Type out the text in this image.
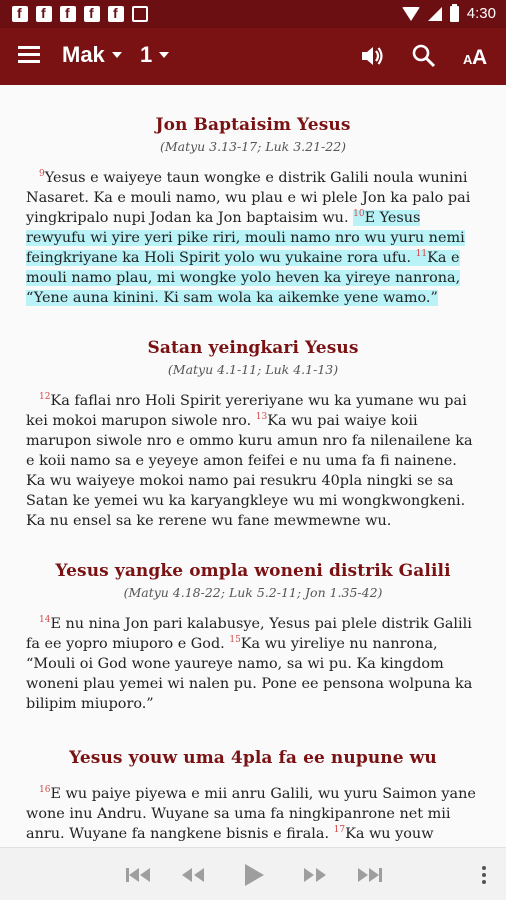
f
f
f
f
f
4:30
Mak 1	A A
Jon Baptaisim Yesus
(Matyu 3.13-17; Luk 3.21-22)

$^9$Yesus e waiyeye taun wongke e distrik Galili noula wunini Nasaret. Ka e mouli namo, wu plau e wi plele Jon ka palo pai yingkripalo nupi Jodan ka Jon baptaisim wu. $^{10}$E Yesus rewyufu wi yire yeri pike riri, mouli namo nro wu yuru nemi feingkriyane ka Holi Spirit yolo wu yukaine rora ufu. $^{11}$Ka e mouli namo plau, mi wongke yolo heven ka yireye nanrona, “Yene auna kinini. Ki sam wola ka aikemke yene wamo.”

Satan yeingkari Yesus
(Matyu 4.1-11; Luk 4.1-13)

$^{12}$Ka faflai nro Holi Spirit yereriyane wu ka yumane wu pai kei mokoi marupon siwole nro. $^{13}$Ka wu pai waiye koii marupon siwole nro e ommo kuru amun nro fa nilenailene ka e koii namo sa e yeyeye amon feifei e nu uma fa fi nainene. Ka wu waiyeye mokoi namo pai resukru 40pla ningki se sa Satan ke yemei wu ka karyangkleye wu mi wongkwongkeni. Ka nu ensel sa ke rerene wu fane mewmewne wu.

Yesus yangke ompla woneni distrik Galili
(Matyu 4.18-22; Luk 5.2-11; Jon 1.35-42)

$^{14}$E nu nina Jon pari kalabusye, Yesus pai plele distrik Galili fa ee yopro miuporo e God. $^{15}$Ka wu yireliye nu nanrona, “Mouli oi God wone yaureye namo, sa wi pu. Ka kingdom woneni plau yemei wi nalen pu. Pone ee pensona wolpuna ka bilipim miuporo.”

Yesus youw uma 4pla fa ee nupune wu

$^{16}$E wu paiye piyewa e mii anru Galili, wu yuru Saimon yane wone inu Andru. Wuyane sa uma fa ningkipanrone net mii anru. Wuyane fa nangkene bisnis e firala. $^{17}$Ka wu youw
